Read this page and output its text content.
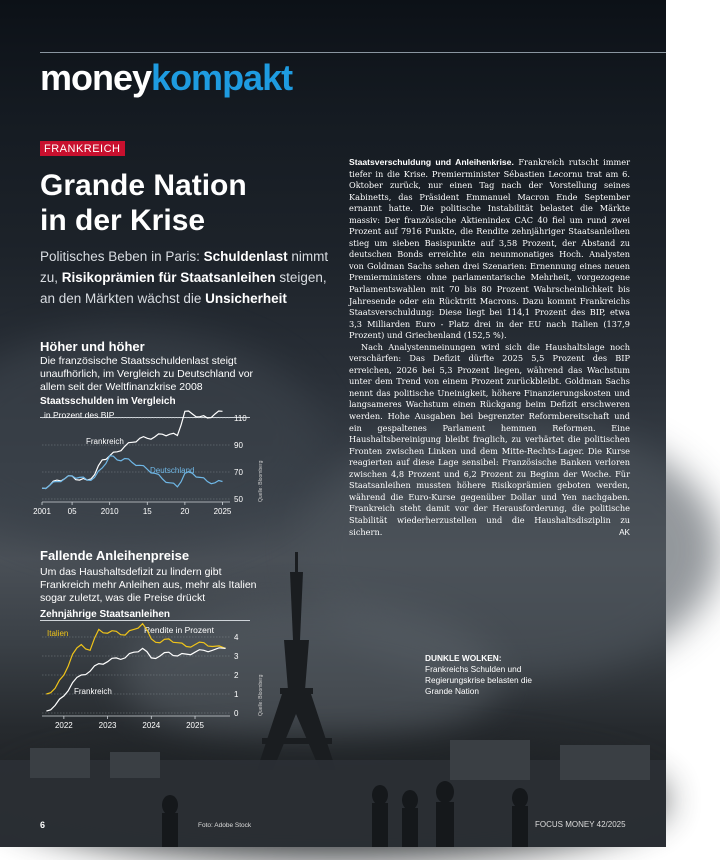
moneykompakt
FRANKREICH
Grande Nation
in der Krise
Politisches Beben in Paris: Schuldenlast nimmt zu, Risikoprämien für Staatsanleihen steigen, an den Märkten wächst die Unsicherheit
Höher und höher
Die französische Staatsschuldenlast steigt unaufhörlich, im Vergleich zu Deutschland vor allem seit der Weltfinanzkrise 2008
Staatsschulden im Vergleich
in Prozent des BIP
50
70
90
110
2001 05	2010	15	20	2025
Frankreich
Deutschland	Quelle: Bloomberg
Fallende Anleihenpreise
Um das Haushaltsdefizit zu lindern gibt Frankreich mehr Anleihen aus, mehr als Italien sogar zuletzt, was die Preise drückt
Zehnjährige Staatsanleihen
Rendite in Prozent
0
1
2
3
4
2022	2023	2024	2025
Italien
Frankreich	Quelle: Bloomberg

Staatsverschuldung und Anleihenkrise. Frankreich rutscht immer tiefer in die Krise. Premierminister Sébastien Lecornu trat am 6. Oktober zurück, nur einen Tag nach der Vorstellung seines Kabinetts, das Präsident Emmanuel Macron Ende September ernannt hatte. Die politische Instabilität belastet die Märkte massiv: Der französische Aktienindex CAC 40 fiel um rund zwei Prozent auf 7916 Punkte, die Rendite zehnjähriger Staatsanleihen stieg um sieben Basispunkte auf 3,58 Prozent, der Abstand zu deutschen Bonds erreichte ein neunmonatiges Hoch. Analysten von Goldman Sachs sehen drei Szenarien: Ernennung eines neuen Premierministers ohne parlamentarische Mehrheit, vorgezogene Parlamentswahlen mit 70 bis 80 Prozent Wahrscheinlichkeit bis Jahresende oder ein Rücktritt Macrons. Dazu kommt Frankreichs Staatsverschuldung: Diese liegt bei 114,1 Prozent des BIP, etwa 3,3 Milliarden Euro - Platz drei in der EU nach Italien (137,9 Prozent) und Griechenland (152,5 %).

Nach Analystenmeinungen wird sich die Haushaltslage noch verschärfen: Das Defizit dürfte 2025 5,5 Prozent des BIP erreichen, 2026 bei 5,3 Prozent liegen, während das Wachstum unter dem Trend von einem Prozent zurückbleibt. Goldman Sachs nennt das politische Uneinigkeit, höhere Finanzierungskosten und langsameres Wachstum einen Rückgang beim Defizit erschweren werden. Hohe Ausgaben bei begrenzter Reformbereitschaft und ein gespaltenes Parlament hemmen Reformen. Eine Haushaltsbereinigung bleibt fraglich, zu verhärtet die politischen Fronten zwischen Linken und dem Mitte-Rechts-Lager. Die Kurse reagierten auf diese Lage sensibel: Französische Banken verloren zwischen 4,8 Prozent und 6,2 Prozent zu Beginn der Woche. Für Staatsanleihen mussten höhere Risikoprämien geboten werden, während die Euro-Kurse gegenüber Dollar und Yen nachgaben. Frankreich steht damit vor der Herausforderung, die politische Stabilität wiederherzustellen und die Haushaltsdisziplin zu sichern.	AK

DUNKLE WOLKEN:
Frankreichs Schulden und Regierungskrise belasten die Grande Nation
6	Foto: Adobe Stock	FOCUS MONEY 42/2025
